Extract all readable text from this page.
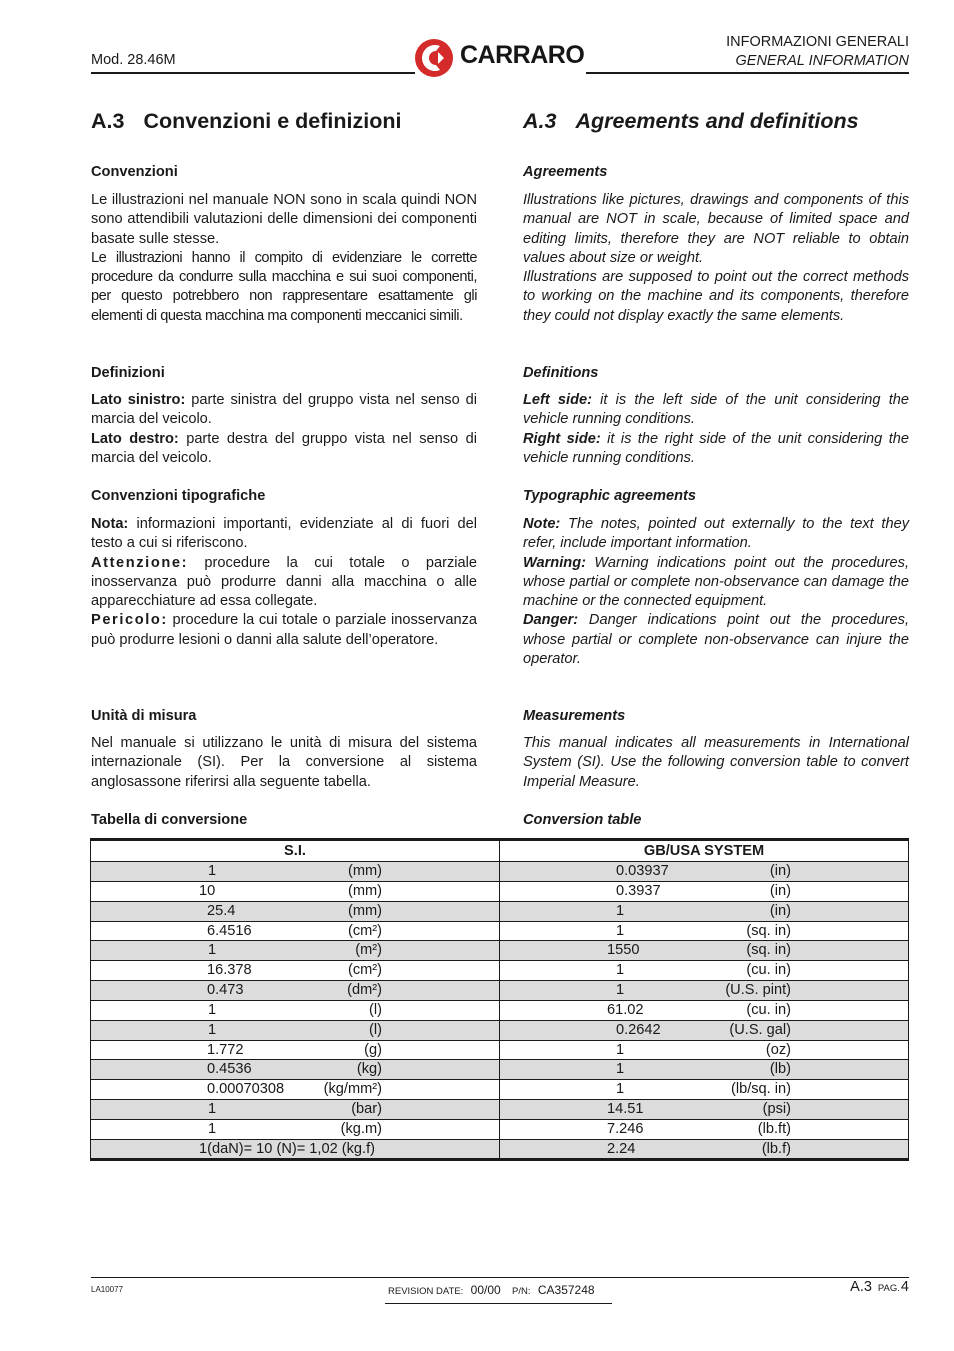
Mod. 28.46M	CARRARO	INFORMAZIONI GENERALI
GENERAL INFORMATION
A.3 Convenzioni e definizioni
Convenzioni

Le illustrazioni nel manuale NON sono in scala quindi NON sono attendibili valutazioni delle dimensioni dei componenti basate sulle stesse.

Le illustrazioni hanno il compito di evidenziare le corrette procedure da condurre sulla macchina e sui suoi componenti, per questo potrebbero non rappresentare esattamente gli elementi di questa macchina ma componenti meccanici simili.

Definizioni

Lato sinistro: parte sinistra del gruppo vista nel senso di marcia del veicolo.

Lato destro: parte destra del gruppo vista nel senso di marcia del veicolo.

Convenzioni tipografiche

Nota: informazioni importanti, evidenziate al di fuori del testo a cui si riferiscono.

Attenzione: procedure la cui totale o parziale inosservanza può produrre danni alla macchina o alle apparecchiature ad essa collegate.

Pericolo: procedure la cui totale o parziale inosservanza può produrre lesioni o danni alla salute dell’operatore.

Unità di misura

Nel manuale si utilizzano le unità di misura del sistema internazionale (SI). Per la conversione al sistema anglosassone riferirsi alla seguente tabella.

Tabella di conversione
A.3 Agreements and definitions
Agreements

Illustrations like pictures, drawings and components of this manual are NOT in scale, because of limited space and editing limits, therefore they are NOT reliable to obtain values about size or weight.

Illustrations are supposed to point out the correct methods to working on the machine and its components, therefore they could not display exactly the same elements.

Definitions

Left side: it is the left side of the unit considering the vehicle running conditions.

Right side: it is the right side of the unit considering the vehicle running conditions.

Typographic agreements

Note: The notes, pointed out externally to the text they refer, include important information.

Warning: Warning indications point out the procedures, whose partial or complete non-observance can damage the machine or the connected equipment.

Danger: Danger indications point out the procedures, whose partial or complete non-observance can injure the operator.

Measurements

This manual indicates all measurements in International System (SI). Use the following conversion table to convert Imperial Measure.

Conversion table
S.I.	GB/USA SYSTEM

1 (mm)	0.03937 (in)

10 (mm)	0.3937 (in)

25.4 (mm)	1 (in)

6.4516 (cm²)	1 (sq. in)

1 (m²)	1550 (sq. in)

16.378 (cm²)	1 (cu. in)

0.473 (dm²)	1 (U.S. pint)

1 (l)	61.02 (cu. in)

1 (l)	0.2642 (U.S. gal)

1.772 (g)	1 (oz)

0.4536 (kg)	1 (lb)

0.00070308 (kg/mm²)	1 (lb/sq. in)

1 (bar)	14.51 (psi)

1 (kg.m)	7.246 (lb.ft)

1(daN)= 10 (N)= 1,02 (kg.f)	2.24 (lb.f)
LA10077	REVISION DATE: 00/00 P/N: CA357248	A.3 PAG.4
